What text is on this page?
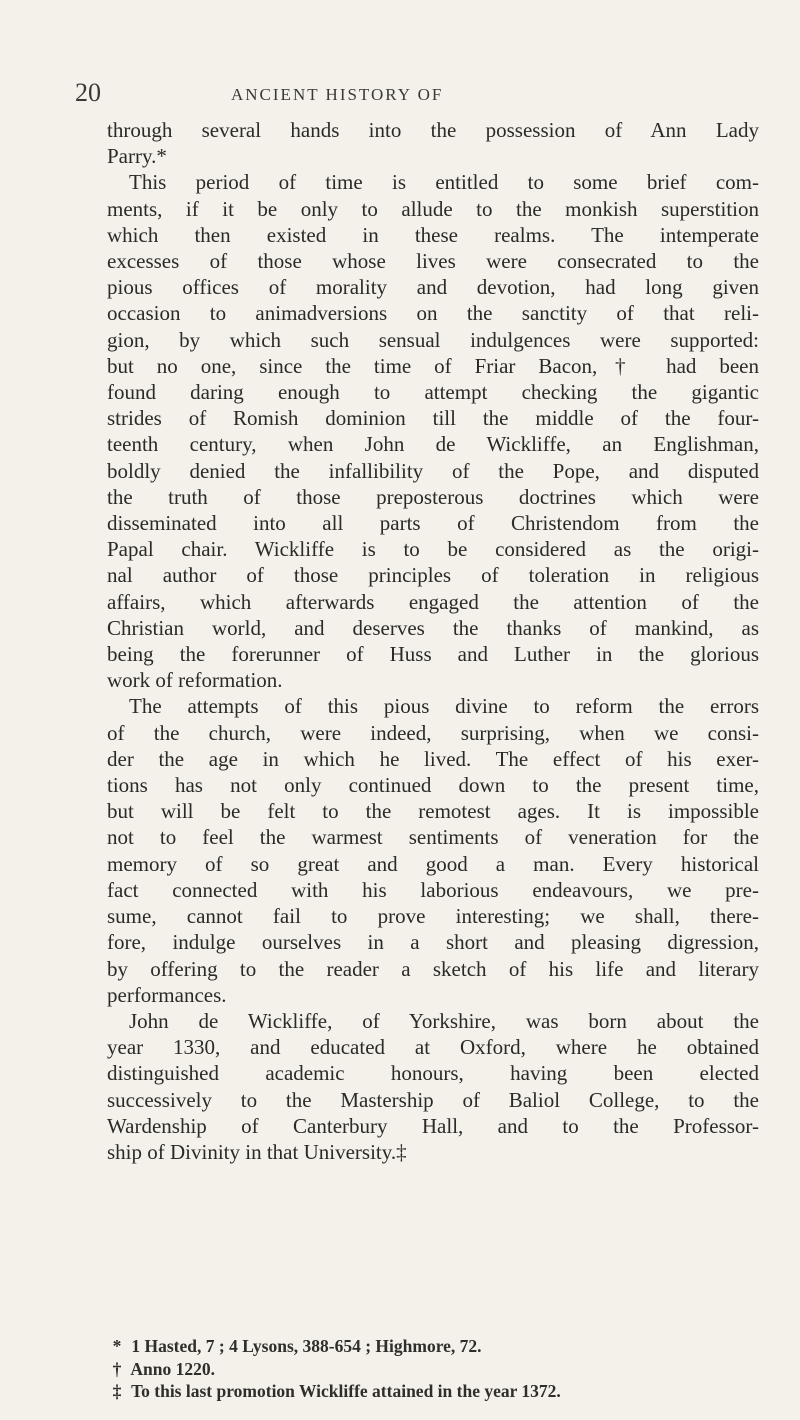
20	ANCIENT HISTORY OF
through several hands into the possession of Ann Lady
Parry.*
This period of time is entitled to some brief com-
ments, if it be only to allude to the monkish superstition
which then existed in these realms. The intemperate
excesses of those whose lives were consecrated to the
pious offices of morality and devotion, had long given
occasion to animadversions on the sanctity of that reli-
gion, by which such sensual indulgences were supported:
but no one, since the time of Friar Bacon,† had been
found daring enough to attempt checking the gigantic
strides of Romish dominion till the middle of the four-
teenth century, when John de Wickliffe, an Englishman,
boldly denied the infallibility of the Pope, and disputed
the truth of those preposterous doctrines which were
disseminated into all parts of Christendom from the
Papal chair. Wickliffe is to be considered as the origi-
nal author of those principles of toleration in religious
affairs, which afterwards engaged the attention of the
Christian world, and deserves the thanks of mankind, as
being the forerunner of Huss and Luther in the glorious
work of reformation.
The attempts of this pious divine to reform the errors
of the church, were indeed, surprising, when we consi-
der the age in which he lived. The effect of his exer-
tions has not only continued down to the present time,
but will be felt to the remotest ages. It is impossible
not to feel the warmest sentiments of veneration for the
memory of so great and good a man. Every historical
fact connected with his laborious endeavours, we pre-
sume, cannot fail to prove interesting; we shall, there-
fore, indulge ourselves in a short and pleasing digression,
by offering to the reader a sketch of his life and literary
performances.
John de Wickliffe, of Yorkshire, was born about the
year 1330, and educated at Oxford, where he obtained
distinguished academic honours, having been elected
successively to the Mastership of Baliol College, to the
Wardenship of Canterbury Hall, and to the Professor-
ship of Divinity in that University.‡
* 1 Hasted, 7 ; 4 Lysons, 388-654 ; Highmore, 72.
† Anno 1220.
‡ To this last promotion Wickliffe attained in the year 1372.
